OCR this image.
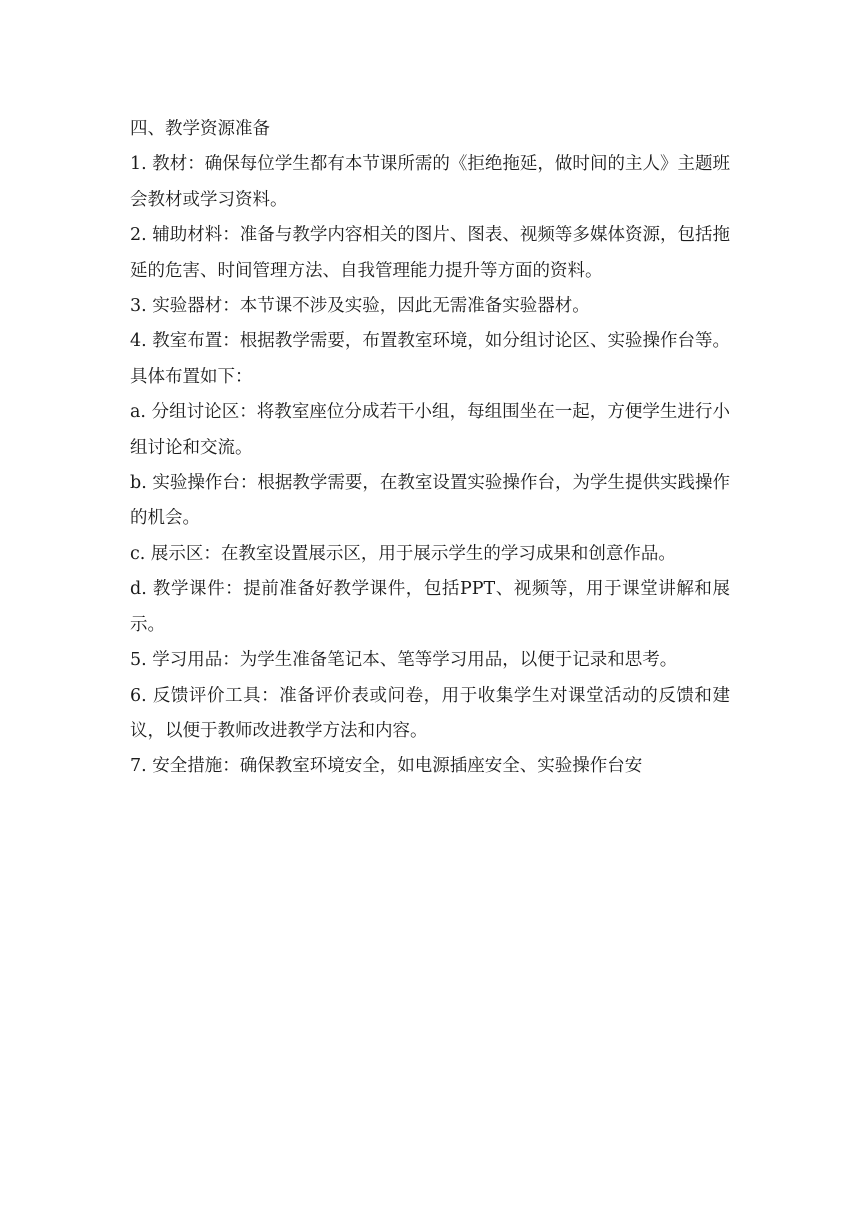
四、教学资源准备

1. 教材：确保每位学生都有本节课所需的《拒绝拖延，做时间的主人》主题班会教材或学习资料。

2. 辅助材料：准备与教学内容相关的图片、图表、视频等多媒体资源，包括拖延的危害、时间管理方法、自我管理能力提升等方面的资料。

3. 实验器材：本节课不涉及实验，因此无需准备实验器材。

4. 教室布置：根据教学需要，布置教室环境，如分组讨论区、实验操作台等。具体布置如下：

a. 分组讨论区：将教室座位分成若干小组，每组围坐在一起，方便学生进行小组讨论和交流。

b. 实验操作台：根据教学需要，在教室设置实验操作台，为学生提供实践操作的机会。

c. 展示区：在教室设置展示区，用于展示学生的学习成果和创意作品。

d. 教学课件：提前准备好教学课件，包括PPT、视频等，用于课堂讲解和展示。

5. 学习用品：为学生准备笔记本、笔等学习用品，以便于记录和思考。

6. 反馈评价工具：准备评价表或问卷，用于收集学生对课堂活动的反馈和建议，以便于教师改进教学方法和内容。

7. 安全措施：确保教室环境安全，如电源插座安全、实验操作台安
